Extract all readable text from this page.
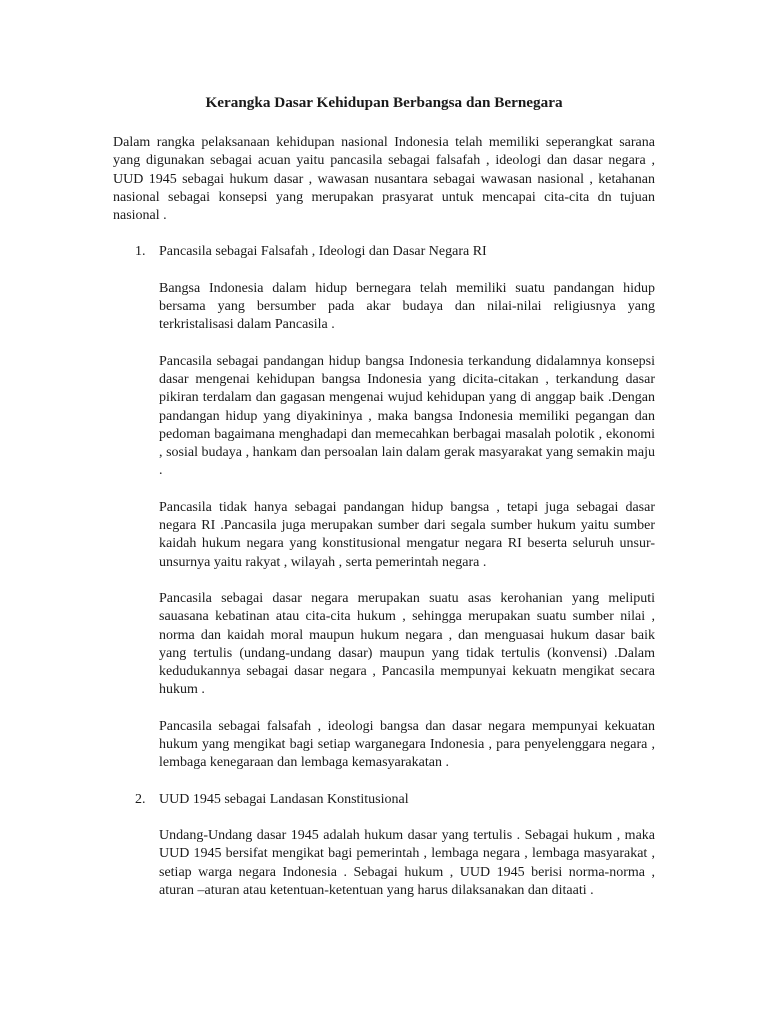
Kerangka Dasar Kehidupan Berbangsa dan Bernegara

Dalam rangka pelaksanaan kehidupan nasional Indonesia telah memiliki seperangkat sarana yang digunakan sebagai acuan yaitu pancasila sebagai falsafah , ideologi dan dasar negara , UUD 1945 sebagai hukum dasar , wawasan nusantara sebagai wawasan nasional , ketahanan nasional sebagai konsepsi yang merupakan prasyarat untuk mencapai cita-cita dn tujuan nasional .

1. Pancasila sebagai Falsafah , Ideologi dan Dasar Negara RI

Bangsa Indonesia dalam hidup bernegara telah memiliki suatu pandangan hidup bersama yang bersumber pada akar budaya dan nilai-nilai religiusnya yang terkristalisasi dalam Pancasila .

Pancasila sebagai pandangan hidup bangsa Indonesia terkandung didalamnya konsepsi dasar mengenai kehidupan bangsa Indonesia yang dicita-citakan , terkandung dasar pikiran terdalam dan gagasan mengenai wujud kehidupan yang di anggap baik .Dengan pandangan hidup yang diyakininya , maka bangsa Indonesia memiliki pegangan dan pedoman bagaimana menghadapi dan memecahkan berbagai masalah polotik , ekonomi , sosial budaya , hankam dan persoalan lain dalam gerak masyarakat yang semakin maju .

Pancasila tidak hanya sebagai pandangan hidup bangsa , tetapi juga sebagai dasar negara RI .Pancasila juga merupakan sumber dari segala sumber hukum yaitu sumber kaidah hukum negara yang konstitusional mengatur negara RI beserta seluruh unsur-unsurnya yaitu rakyat , wilayah , serta pemerintah negara .

Pancasila sebagai dasar negara merupakan suatu asas kerohanian yang meliputi sauasana kebatinan atau cita-cita hukum , sehingga merupakan suatu sumber nilai , norma dan kaidah moral maupun hukum negara , dan menguasai hukum dasar baik yang tertulis (undang-undang dasar) maupun yang tidak tertulis (konvensi) .Dalam kedudukannya sebagai dasar negara , Pancasila mempunyai kekuatn mengikat secara hukum .

Pancasila sebagai falsafah , ideologi bangsa dan dasar negara mempunyai kekuatan hukum yang mengikat bagi setiap warganegara Indonesia , para penyelenggara negara , lembaga kenegaraan dan lembaga kemasyarakatan .

2. UUD 1945 sebagai Landasan Konstitusional

Undang-Undang dasar 1945 adalah hukum dasar yang tertulis . Sebagai hukum , maka UUD 1945 bersifat mengikat bagi pemerintah , lembaga negara , lembaga masyarakat , setiap warga negara Indonesia . Sebagai hukum , UUD 1945 berisi norma-norma , aturan –aturan atau ketentuan-ketentuan yang harus dilaksanakan dan ditaati .
